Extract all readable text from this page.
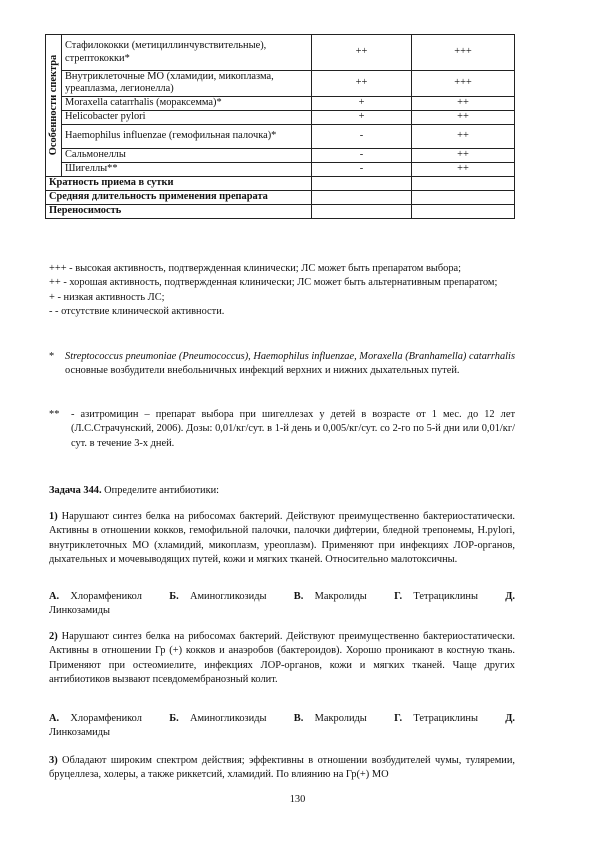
Особенности спектра	Стафилококки (метициллинчувствительные), стрептококки*	++	+++
	Внутриклеточные МО (хламидии, микоплазма, уреаплазма, легионелла)	++	+++
	Moraxella catarrhalis (мораксемма)*	+	++
	Helicobacter pylori	+	++
	Haemophilus influenzae (гемофильная палочка)*	-	++
	Сальмонеллы	-	++
	Шигеллы**	-	++
Кратность приема в сутки			
Средняя длительность применения препарата			
Переносимость			

+++ - высокая активность, подтвержденная клинически; ЛС может быть препаратом выбора;

++ - хорошая активность, подтвержденная клинически; ЛС может быть альтернативным препаратом;

+ - низкая активность ЛС;

- - отсутствие клинической активности.

*	Streptococcus pneumoniae (Pneumococcus), Haemophilus influenzae, Moraxella (Branhamella) catarrhalis основные возбудители внебольничных инфекций верхних и нижних дыхательных путей.
**	- азитромицин – препарат выбора при шигеллезах у детей в возрасте от 1 мес. до 12 лет (Л.С.Страчунский, 2006). Дозы: 0,01/кг/сут. в 1-й день и 0,005/кг/сут. со 2-го по 5-й дни или 0,01/кг/сут. в течение 3-х дней.
Задача 344. Определите антибиотики:
1) Нарушают синтез белка на рибосомах бактерий. Действуют преимущественно бактериостатически. Активны в отношении кокков, гемофильной палочки, палочки дифтерии, бледной трепонемы, H.pylori, внутриклеточных МО (хламидий, микоплазм, уреоплазм). Применяют при инфекциях ЛОР-органов, дыхательных и мочевыводящих путей, кожи и мягких тканей. Относительно малотоксичны.
А. Хлорамфеникол	Б. Аминогликозиды	В. Макролиды	Г. Тетрациклины	Д. Линкозамиды
2) Нарушают синтез белка на рибосомах бактерий. Действуют преимущественно бактериостатически. Активны в отношении Гр (+) кокков и анаэробов (бактероидов). Хорошо проникают в костную ткань. Применяют при остеомиелите, инфекциях ЛОР-органов, кожи и мягких тканей. Чаще других антибиотиков вызвают псевдомембранозный колит.
А. Хлорамфеникол	Б. Аминогликозиды	В. Макролиды	Г. Тетрациклины	Д. Линкозамиды
3) Обладают широким спектром действия; эффективны в отношении возбудителей чумы, туляремии, бруцеллеза, холеры, а также риккетсий, хламидий. По влиянию на Гр(+) МО
130
